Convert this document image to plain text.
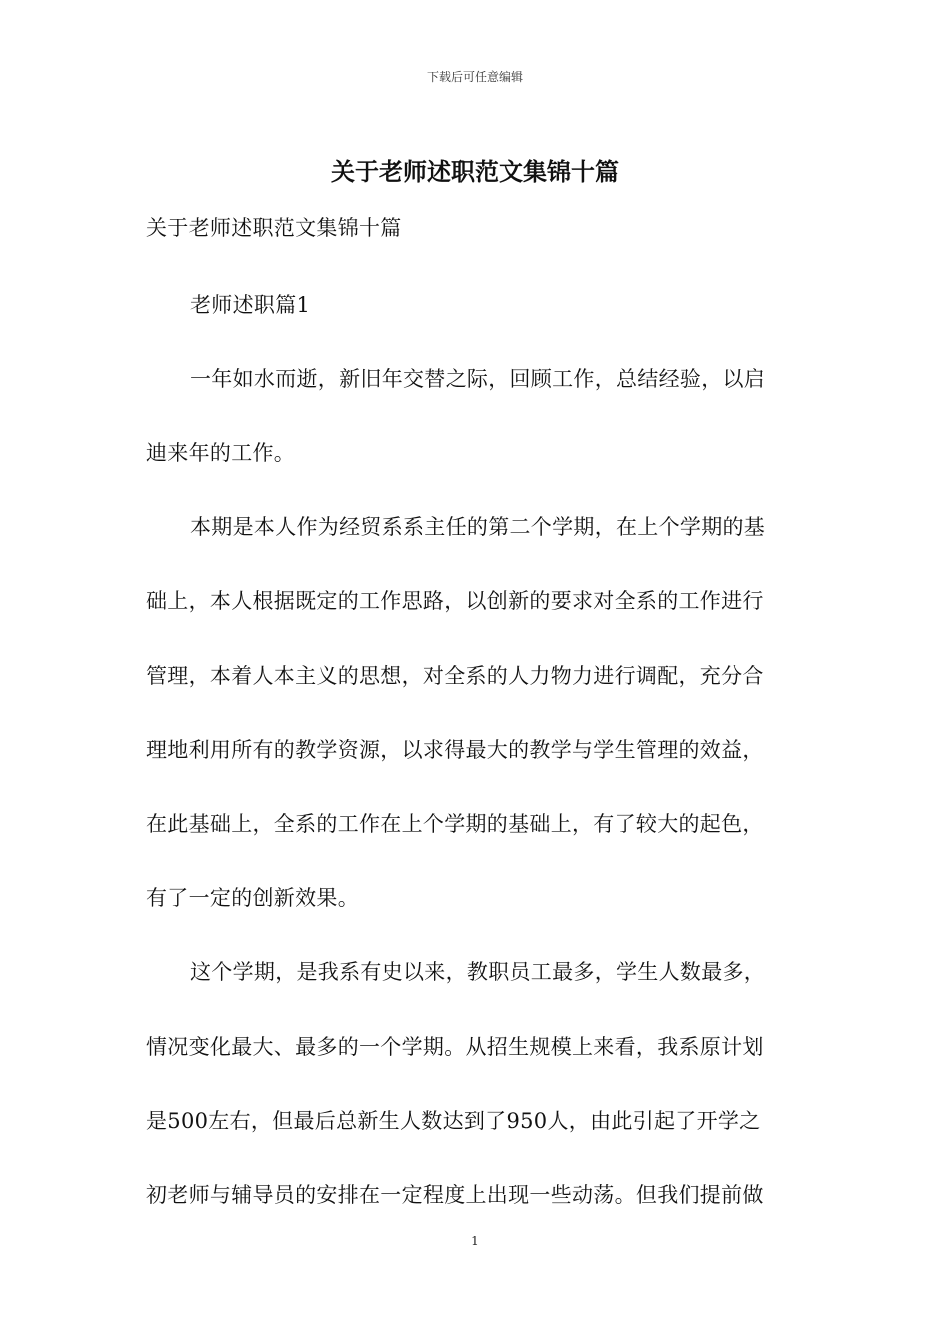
下载后可任意编辑
关于老师述职范文集锦十篇
关于老师述职范文集锦十篇
老师述职篇1
一年如水而逝，新旧年交替之际，回顾工作，总结经验，以启
迪来年的工作。
本期是本人作为经贸系系主任的第二个学期，在上个学期的基
础上，本人根据既定的工作思路，以创新的要求对全系的工作进行
管理，本着人本主义的思想，对全系的人力物力进行调配，充分合
理地利用所有的教学资源，以求得最大的教学与学生管理的效益，
在此基础上，全系的工作在上个学期的基础上，有了较大的起色，
有了一定的创新效果。
这个学期，是我系有史以来，教职员工最多，学生人数最多，
情况变化最大、最多的一个学期。从招生规模上来看，我系原计划
是500左右，但最后总新生人数达到了950人，由此引起了开学之
初老师与辅导员的安排在一定程度上出现一些动荡。但我们提前做
1
